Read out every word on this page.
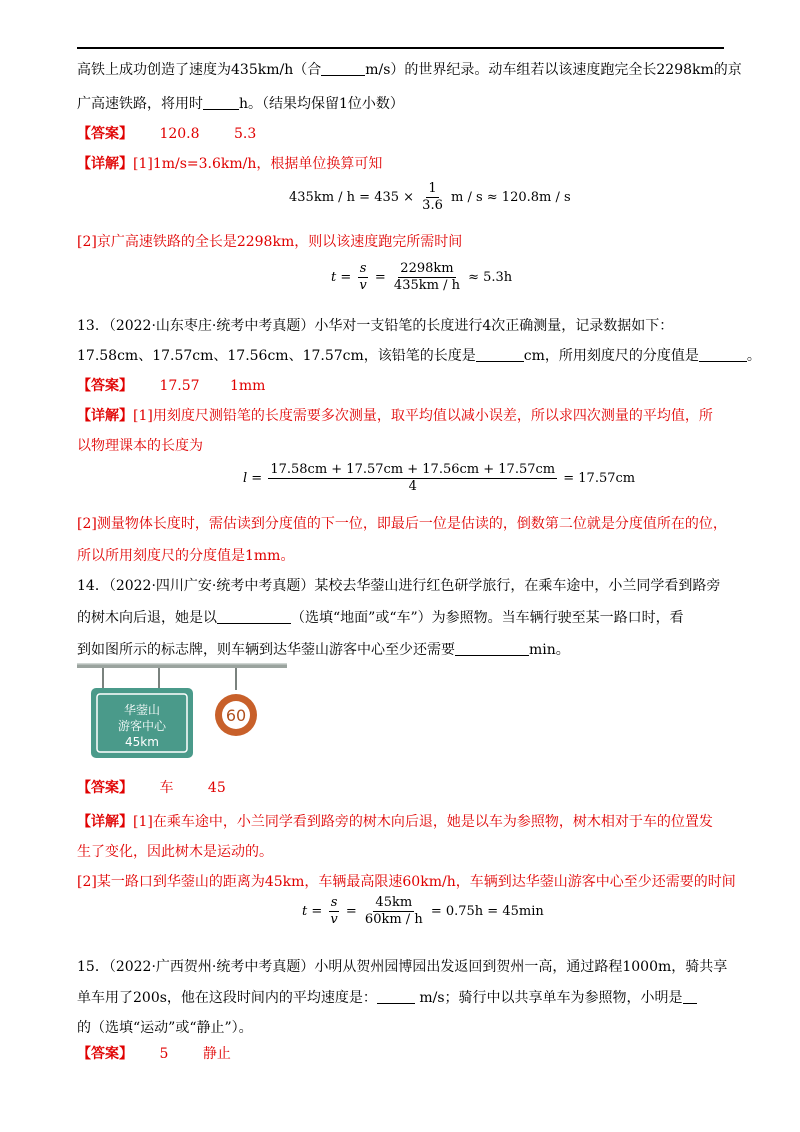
高铁上成功创造了速度为435km/h（合	m/s）的世界纪录。动车组若以该速度跑完全长2298km的京
广高速铁路，将用时	h。（结果均保留1位小数）
【答案】 120.8 5.3
【详解】[1]1m/s=3.6km/h，根据单位换算可知
$435km / h = 435 \times \frac{1}{3.6}$ m / s ≈ 120.8m / s
[2]京广高速铁路的全长是2298km，则以该速度跑完所需时间
$t = \frac{s}{v} = \frac{2298km}{435km / h} \approx 5.3h$
13．（2022·山东枣庄·统考中考真题）小华对一支铅笔的长度进行4次正确测量，记录数据如下：
17.58cm、17.57cm、17.56cm、17.57cm，该铅笔的长度是	cm，所用刻度尺的分度值是	。
【答案】 17.57 1mm
【详解】[1]用刻度尺测铅笔的长度需要多次测量，取平均值以减小误差，所以求四次测量的平均值，所
以物理课本的长度为
$l = \frac{17.58cm + 17.57cm + 17.56cm + 17.57cm}{4} = 17.57cm$
[2]测量物体长度时，需估读到分度值的下一位，即最后一位是估读的，倒数第二位就是分度值所在的位，
所以所用刻度尺的分度值是1mm。
14．（2022·四川广安·统考中考真题）某校去华蓥山进行红色研学旅行，在乘车途中，小兰同学看到路旁
的树木向后退，她是以	（选填“地面”或“车”）为参照物。当车辆行驶至某一路口时，看
到如图所示的标志牌，则车辆到达华蓥山游客中心至少还需要	min。
华蓥山
游客中心
45km
60
【答案】 车 45
【详解】[1]在乘车途中，小兰同学看到路旁的树木向后退，她是以车为参照物，树木相对于车的位置发
生了变化，因此树木是运动的。
[2]某一路口到华蓥山的距离为45km，车辆最高限速60km/h，车辆到达华蓥山游客中心至少还需要的时间
$t = \frac{s}{v} = \frac{45km}{60km / h} = 0.75h = 45\min$
15．（2022·广西贺州·统考中考真题）小明从贺州园博园出发返回到贺州一高，通过路程1000m，骑共享
单车用了200s，他在这段时间内的平均速度是：	m/s；骑行中以共享单车为参照物，小明是
的（选填“运动”或“静止”）。
【答案】 5 静止
